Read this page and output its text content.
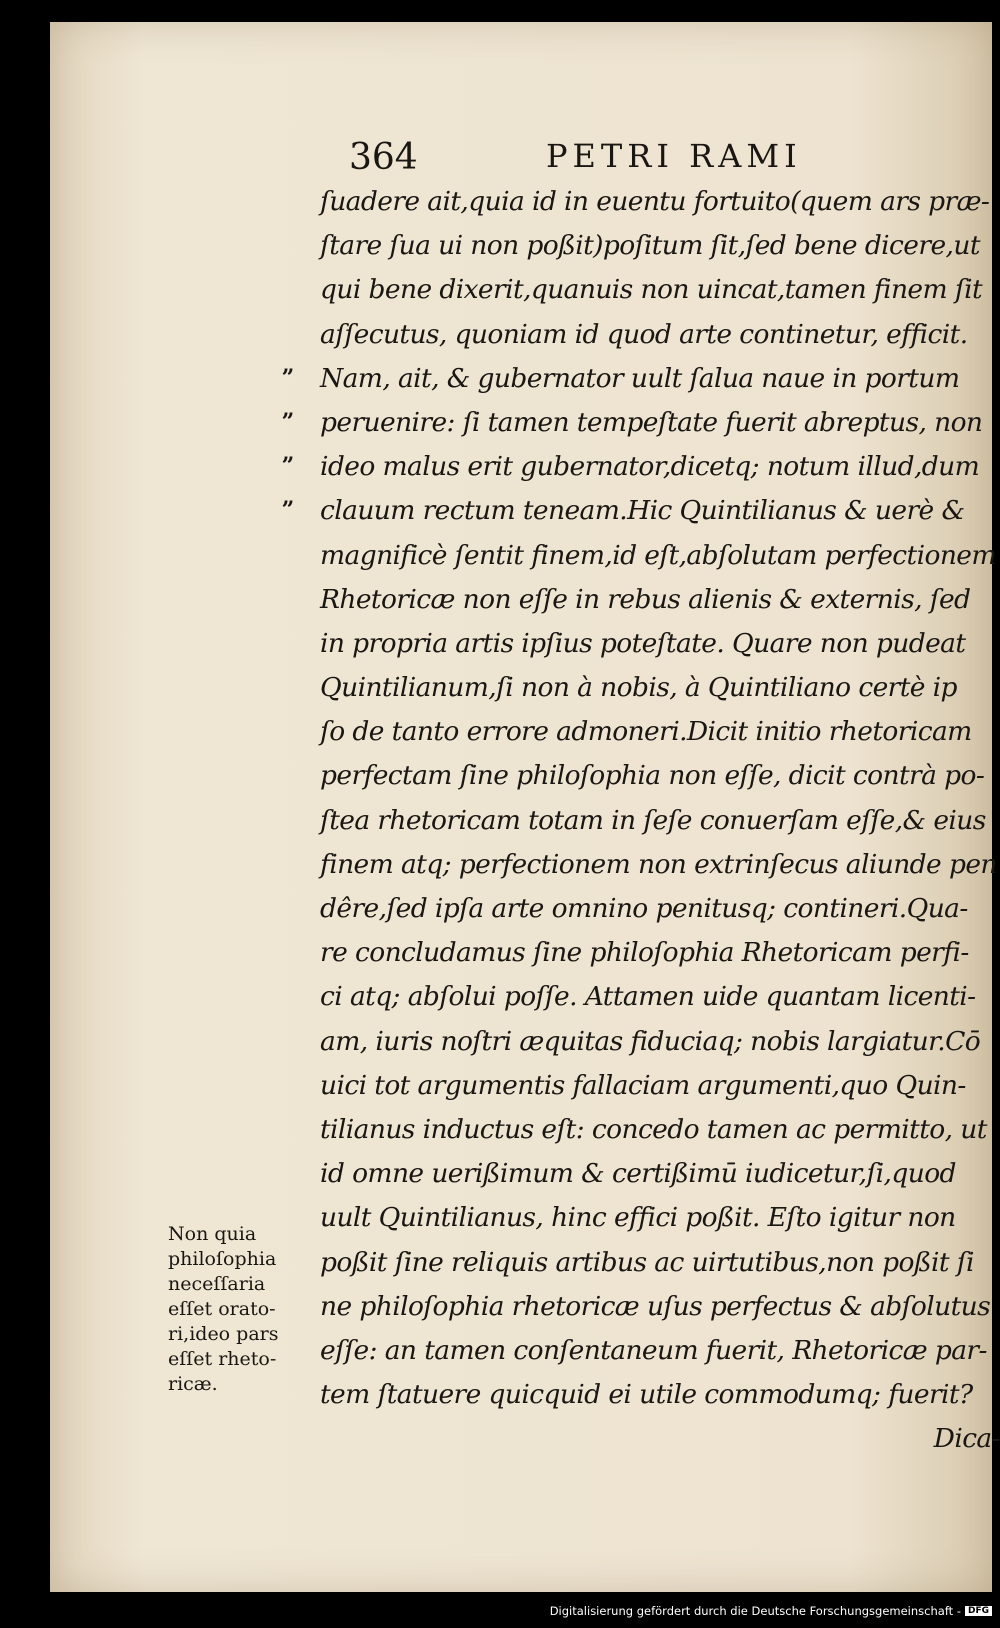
364	PETRI RAMI
ſuadere ait,quia id in euentu fortuito(quem ars præ-
ſtare ſua ui non poßit)poſitum ſit,ſed bene dicere,ut
qui bene dixerit,quanuis non uincat,tamen finem ſit
aſſecutus, quoniam id quod arte continetur, efficit.
Nam, ait, & gubernator uult ſalua naue in portum
peruenire: ſi tamen tempeſtate fuerit abreptus, non
ideo malus erit gubernator,dicetq; notum illud,dum
clauum rectum teneam.Hic Quintilianus & uerè &
magnificè ſentit finem,id eſt,abſolutam perfectionem
Rhetoricæ non eſſe in rebus alienis & externis, ſed
in propria artis ipſius poteſtate. Quare non pudeat
Quintilianum,ſi non à nobis, à Quintiliano certè ip
ſo de tanto errore admoneri.Dicit initio rhetoricam
perfectam ſine philoſophia non eſſe, dicit contrà po-
ſtea rhetoricam totam in ſeſe conuerſam eſſe,& eius
finem atq; perfectionem non extrinſecus aliunde pen
dêre,ſed ipſa arte omnino penitusq; contineri.Qua-
re concludamus ſine philoſophia Rhetoricam perfi-
ci atq; abſolui poſſe. Attamen uide quantam licenti-
am, iuris noſtri æquitas fiduciaq; nobis largiatur.Cō
uici tot argumentis fallaciam argumenti,quo Quin-
tilianus inductus eſt: concedo tamen ac permitto, ut
id omne uerißimum & certißimū iudicetur,ſi,quod
uult Quintilianus, hinc effici poßit. Eſto igitur non
poßit ſine reliquis artibus ac uirtutibus,non poßit ſi
ne philoſophia rhetoricæ uſus perfectus & abſolutus
eſſe: an tamen conſentaneum fuerit, Rhetoricæ par-
tem ſtatuere quicquid ei utile commodumq; fuerit?
Dica-
„
„
„
„
Non quia
philoſophia
neceſſaria
eſſet orato-
ri,ideo pars
eſſet rheto-
ricæ.
Digitalisierung gefördert durch die Deutsche Forschungsgemeinschaft - DFG
